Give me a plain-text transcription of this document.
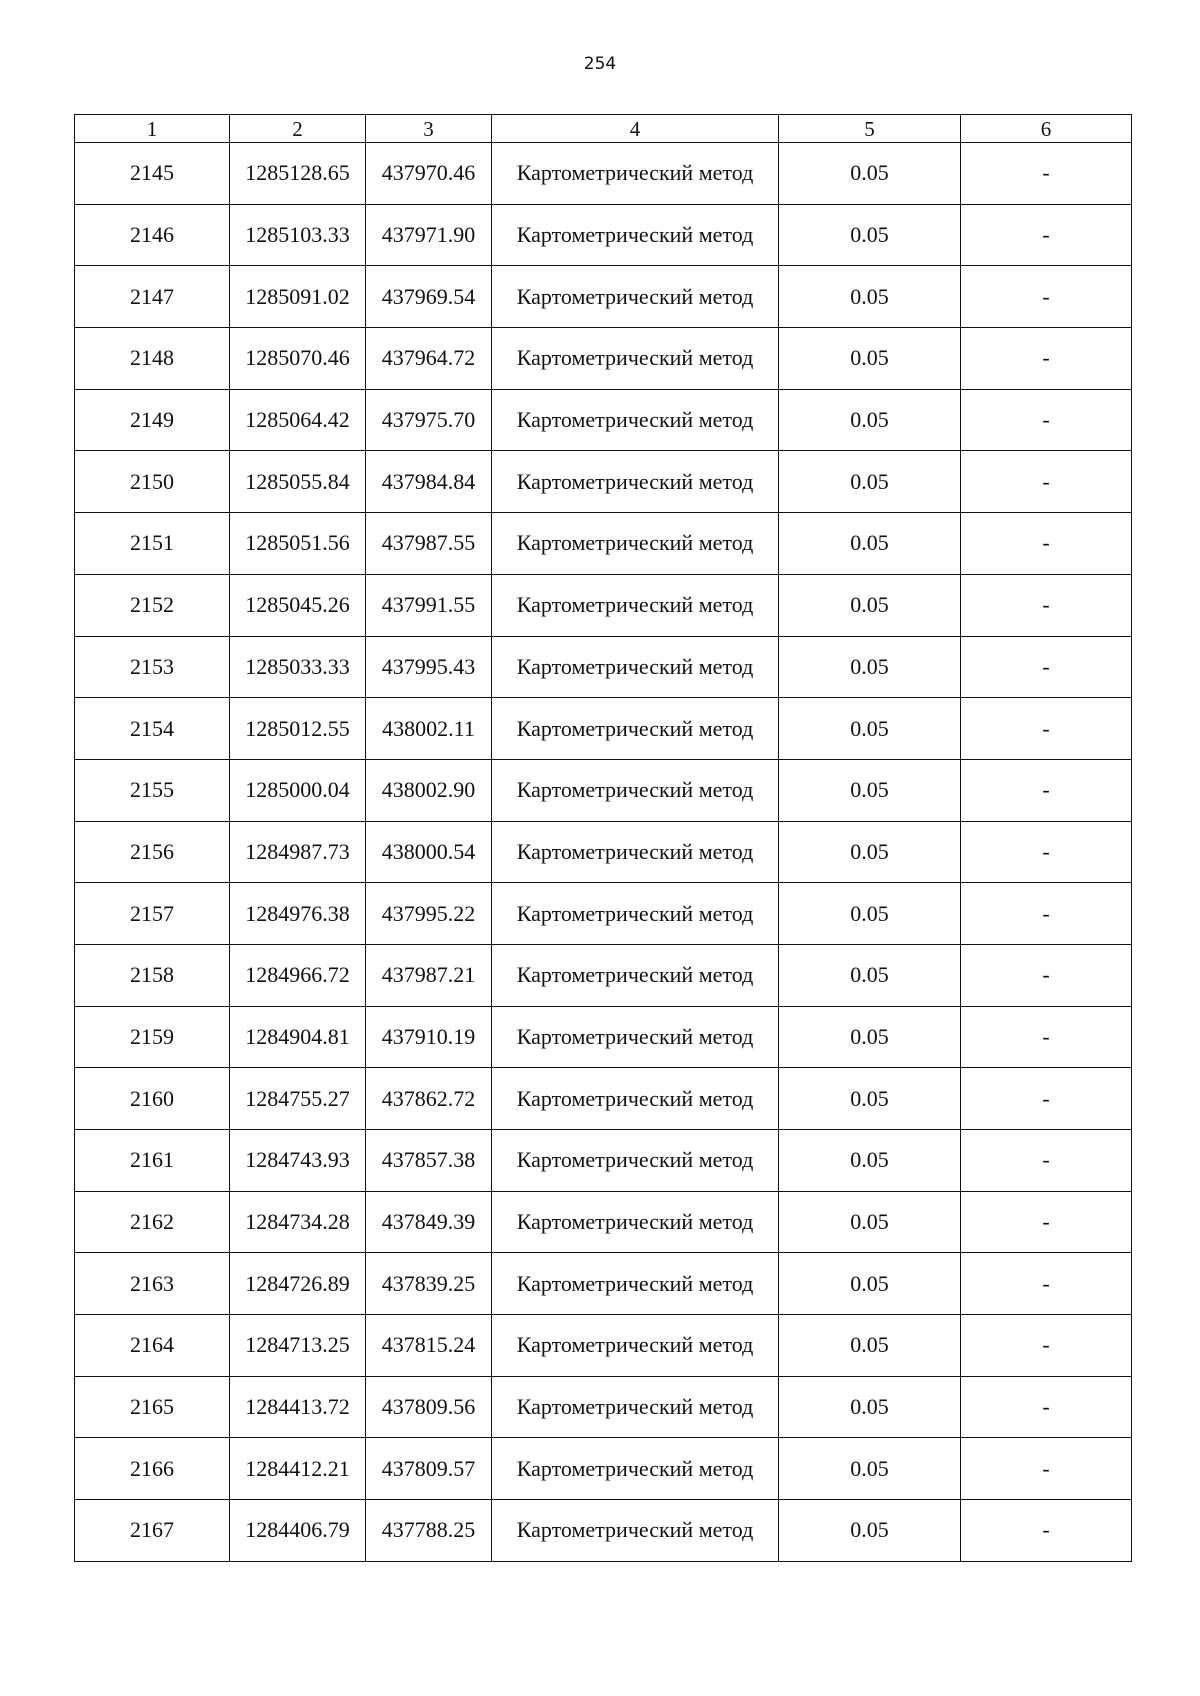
254
1	2	3	4	5	6
2145	1285128.65	437970.46	Картометрический метод	0.05	-
2146	1285103.33	437971.90	Картометрический метод	0.05	-
2147	1285091.02	437969.54	Картометрический метод	0.05	-
2148	1285070.46	437964.72	Картометрический метод	0.05	-
2149	1285064.42	437975.70	Картометрический метод	0.05	-
2150	1285055.84	437984.84	Картометрический метод	0.05	-
2151	1285051.56	437987.55	Картометрический метод	0.05	-
2152	1285045.26	437991.55	Картометрический метод	0.05	-
2153	1285033.33	437995.43	Картометрический метод	0.05	-
2154	1285012.55	438002.11	Картометрический метод	0.05	-
2155	1285000.04	438002.90	Картометрический метод	0.05	-
2156	1284987.73	438000.54	Картометрический метод	0.05	-
2157	1284976.38	437995.22	Картометрический метод	0.05	-
2158	1284966.72	437987.21	Картометрический метод	0.05	-
2159	1284904.81	437910.19	Картометрический метод	0.05	-
2160	1284755.27	437862.72	Картометрический метод	0.05	-
2161	1284743.93	437857.38	Картометрический метод	0.05	-
2162	1284734.28	437849.39	Картометрический метод	0.05	-
2163	1284726.89	437839.25	Картометрический метод	0.05	-
2164	1284713.25	437815.24	Картометрический метод	0.05	-
2165	1284413.72	437809.56	Картометрический метод	0.05	-
2166	1284412.21	437809.57	Картометрический метод	0.05	-
2167	1284406.79	437788.25	Картометрический метод	0.05	-
